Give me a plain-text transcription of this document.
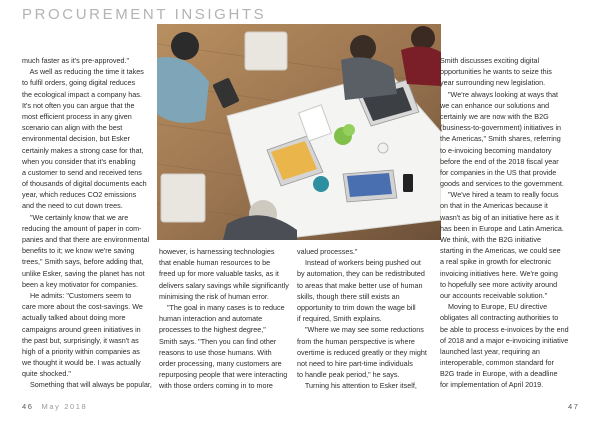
PROCUREMENT INSIGHTS
much faster as it's pre-approved."
As well as reducing the time it takes
to fulfil orders, going digital reduces
the ecological impact a company has.
It's not often you can argue that the
most efficient process in any given
scenario can align with the best
environmental decision, but Esker
certainly makes a strong case for that,
when you consider that it's enabling
a customer to send and received tens
of thousands of digital documents each
year, which reduces CO2 emissions
and the need to cut down trees.
"We certainly know that we are
reducing the amount of paper in com-
panies and that there are environmental
benefits to it; we know we're saving
trees," Smith says, before adding that,
unlike Esker, saving the planet has not
been a key motivator for companies.
He admits: "Customers seem to
care more about the cost-savings. We
actually talked about doing more
campaigns around green initiatives in
the past but, surprisingly, it wasn't as
high of a priority within companies as
we thought it would be. I was actually
quite shocked."
Something that will always be popular,
however, is harnessing technologies
that enable human resources to be
freed up for more valuable tasks, as it
delivers salary savings while significantly
minimising the risk of human error.
"The goal in many cases is to reduce
human interaction and automate
processes to the highest degree,"
Smith says. "Then you can find other
reasons to use those humans. With
order processing, many customers are
repurposing people that were interacting
with those orders coming in to more
valued processes."
Instead of workers being pushed out
by automation, they can be redistributed
to areas that make better use of human
skills, though there still exists an
opportunity to trim down the wage bill
if required, Smith explains.
"Where we may see some reductions
from the human perspective is where
overtime is reduced greatly or they might
not need to hire part-time individuals
to handle peak period," he says.
Turning his attention to Esker itself,
Smith discusses exciting digital
opportunities he wants to seize this
year surrounding new legislation.
"We're always looking at ways that
we can enhance our solutions and
certainly we are now with the B2G
(business-to-government) initiatives in
the Americas," Smith shares, referring
to e-invoicing becoming mandatory
before the end of the 2018 fiscal year
for companies in the US that provide
goods and services to the government.
"We've hired a team to really focus
on that in the Americas because it
wasn't as big of an initiative here as it
has been in Europe and Latin America.
We think, with the B2G initiative
starting in the Americas, we could see
a real spike in growth for electronic
invoicing initiatives here. We're going
to hopefully see more activity around
our accounts receivable solution."
Moving to Europe, EU directive
obligates all contracting authorities to
be able to process e-invoices by the end
of 2018 and a major e-invoicing initiative
launched last year, requiring an
interoperable, common standard for
B2G trade in Europe, with a deadline
for implementation of April 2019.
46 May 2018	47
